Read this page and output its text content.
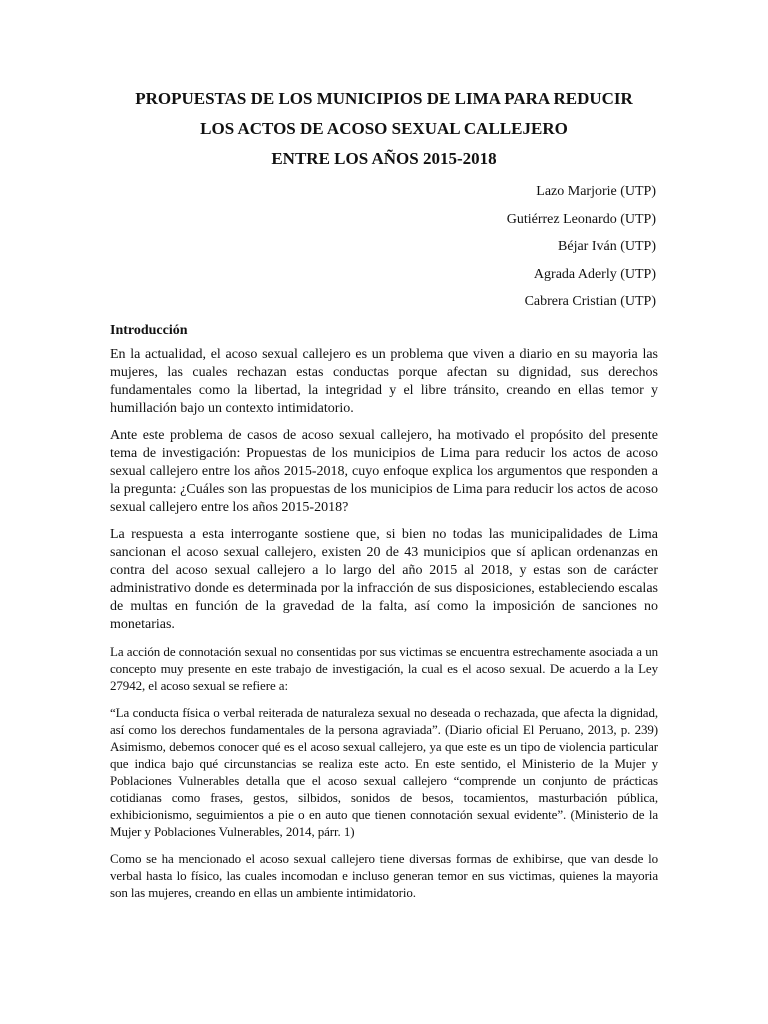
PROPUESTAS DE LOS MUNICIPIOS DE LIMA PARA REDUCIR
LOS ACTOS DE ACOSO SEXUAL CALLEJERO
ENTRE LOS AÑOS 2015-2018
Lazo Marjorie (UTP)
Gutiérrez Leonardo (UTP)
Béjar Iván (UTP)
Agrada Aderly (UTP)
Cabrera Cristian (UTP)
Introducción

En la actualidad, el acoso sexual callejero es un problema que viven a diario en su mayoria las mujeres, las cuales rechazan estas conductas porque afectan su dignidad, sus derechos fundamentales como la libertad, la integridad y el libre tránsito, creando en ellas temor y humillación bajo un contexto intimidatorio.

Ante este problema de casos de acoso sexual callejero, ha motivado el propósito del presente tema de investigación: Propuestas de los municipios de Lima para reducir los actos de acoso sexual callejero entre los años 2015-2018, cuyo enfoque explica los argumentos que responden a la pregunta: ¿Cuáles son las propuestas de los municipios de Lima para reducir los actos de acoso sexual callejero entre los años 2015-2018?

La respuesta a esta interrogante sostiene que, si bien no todas las municipalidades de Lima sancionan el acoso sexual callejero, existen 20 de 43 municipios que sí aplican ordenanzas en contra del acoso sexual callejero a lo largo del año 2015 al 2018, y estas son de carácter administrativo donde es determinada por la infracción de sus disposiciones, estableciendo escalas de multas en función de la gravedad de la falta, así como la imposición de sanciones no monetarias.

La acción de connotación sexual no consentidas por sus victimas se encuentra estrechamente asociada a un concepto muy presente en este trabajo de investigación, la cual es el acoso sexual. De acuerdo a la Ley 27942, el acoso sexual se refiere a:

“La conducta física o verbal reiterada de naturaleza sexual no deseada o rechazada, que afecta la dignidad, así como los derechos fundamentales de la persona agraviada”. (Diario oficial El Peruano, 2013, p. 239) Asimismo, debemos conocer qué es el acoso sexual callejero, ya que este es un tipo de violencia particular que indica bajo qué circunstancias se realiza este acto. En este sentido, el Ministerio de la Mujer y Poblaciones Vulnerables detalla que el acoso sexual callejero “comprende un conjunto de prácticas cotidianas como frases, gestos, silbidos, sonidos de besos, tocamientos, masturbación pública, exhibicionismo, seguimientos a pie o en auto que tienen connotación sexual evidente”. (Ministerio de la Mujer y Poblaciones Vulnerables, 2014, párr. 1)

Como se ha mencionado el acoso sexual callejero tiene diversas formas de exhibirse, que van desde lo verbal hasta lo físico, las cuales incomodan e incluso generan temor en sus victimas, quienes la mayoria son las mujeres, creando en ellas un ambiente intimidatorio.
